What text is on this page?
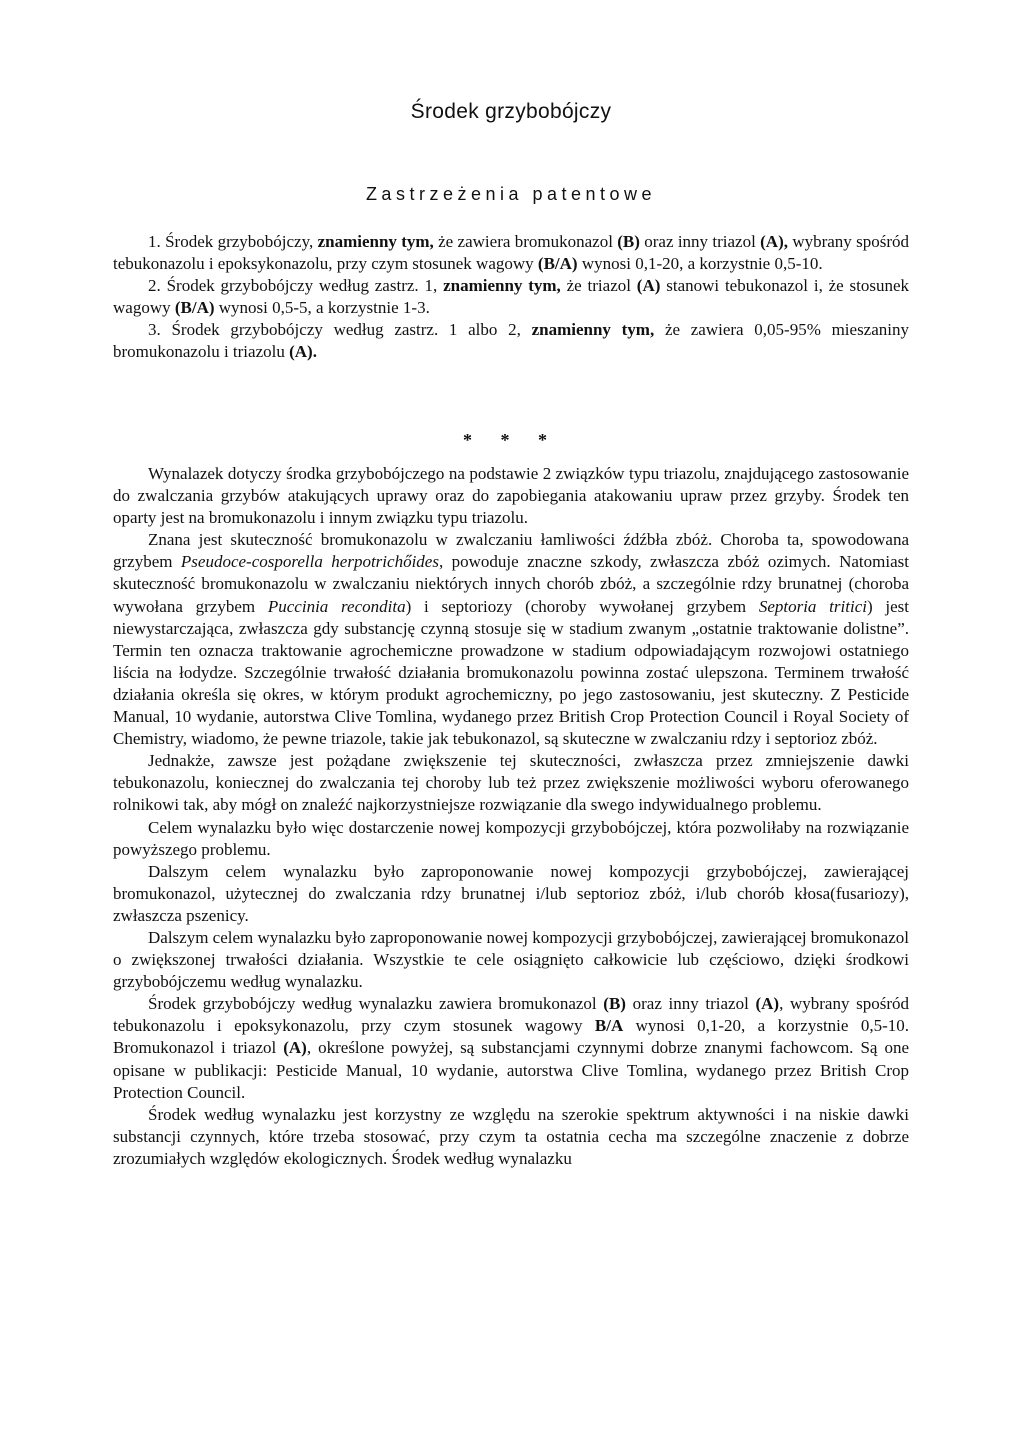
Środek grzybobójczy
Zastrzeżenia patentowe

1. Środek grzybobójczy, znamienny tym, że zawiera bromukonazol (B) oraz inny triazol (A), wybrany spośród tebukonazolu i epoksykonazolu, przy czym stosunek wagowy (B/A) wynosi 0,1-20, a korzystnie 0,5-10.

2. Środek grzybobójczy według zastrz. 1, znamienny tym, że triazol (A) stanowi tebukonazol i, że stosunek wagowy (B/A) wynosi 0,5-5, a korzystnie 1-3.

3. Środek grzybobójczy według zastrz. 1 albo 2, znamienny tym, że zawiera 0,05-95% mieszaniny bromukonazolu i triazolu (A).

* * *

Wynalazek dotyczy środka grzybobójczego na podstawie 2 związków typu triazolu, znajdującego zastosowanie do zwalczania grzybów atakujących uprawy oraz do zapobiegania atakowaniu upraw przez grzyby. Środek ten oparty jest na bromukonazolu i innym związku typu triazolu.

Znana jest skuteczność bromukonazolu w zwalczaniu łamliwości źdźbła zbóż. Choroba ta, spowodowana grzybem Pseudoce-cosporella herpotrichőides, powoduje znaczne szkody, zwłaszcza zbóż ozimych. Natomiast skuteczność bromukonazolu w zwalczaniu niektórych innych chorób zbóż, a szczególnie rdzy brunatnej (choroba wywołana grzybem Puccinia recondita) i septoriozy (choroby wywołanej grzybem Septoria tritici) jest niewystarczająca, zwłaszcza gdy substancję czynną stosuje się w stadium zwanym „ostatnie traktowanie dolistne”. Termin ten oznacza traktowanie agrochemiczne prowadzone w stadium odpowiadającym rozwojowi ostatniego liścia na łodydze. Szczególnie trwałość działania bromukonazolu powinna zostać ulepszona. Terminem trwałość działania określa się okres, w którym produkt agrochemiczny, po jego zastosowaniu, jest skuteczny. Z Pesticide Manual, 10 wydanie, autorstwa Clive Tomlina, wydanego przez British Crop Protection Council i Royal Society of Chemistry, wiadomo, że pewne triazole, takie jak tebukonazol, są skuteczne w zwalczaniu rdzy i septorioz zbóż.

Jednakże, zawsze jest pożądane zwiększenie tej skuteczności, zwłaszcza przez zmniejszenie dawki tebukonazolu, koniecznej do zwalczania tej choroby lub też przez zwiększenie możliwości wyboru oferowanego rolnikowi tak, aby mógł on znaleźć najkorzystniejsze rozwiązanie dla swego indywidualnego problemu.

Celem wynalazku było więc dostarczenie nowej kompozycji grzybobójczej, która pozwoliłaby na rozwiązanie powyższego problemu.

Dalszym celem wynalazku było zaproponowanie nowej kompozycji grzybobójczej, zawierającej bromukonazol, użytecznej do zwalczania rdzy brunatnej i/lub septorioz zbóż, i/lub chorób kłosa(fusariozy), zwłaszcza pszenicy.

Dalszym celem wynalazku było zaproponowanie nowej kompozycji grzybobójczej, zawierającej bromukonazol o zwiększonej trwałości działania. Wszystkie te cele osiągnięto całkowicie lub częściowo, dzięki środkowi grzybobójczemu według wynalazku.

Środek grzybobójczy według wynalazku zawiera bromukonazol (B) oraz inny triazol (A), wybrany spośród tebukonazolu i epoksykonazolu, przy czym stosunek wagowy B/A wynosi 0,1-20, a korzystnie 0,5-10. Bromukonazol i triazol (A), określone powyżej, są substancjami czynnymi dobrze znanymi fachowcom. Są one opisane w publikacji: Pesticide Manual, 10 wydanie, autorstwa Clive Tomlina, wydanego przez British Crop Protection Council.

Środek według wynalazku jest korzystny ze względu na szerokie spektrum aktywności i na niskie dawki substancji czynnych, które trzeba stosować, przy czym ta ostatnia cecha ma szczególne znaczenie z dobrze zrozumiałych względów ekologicznych. Środek według wynalazku
